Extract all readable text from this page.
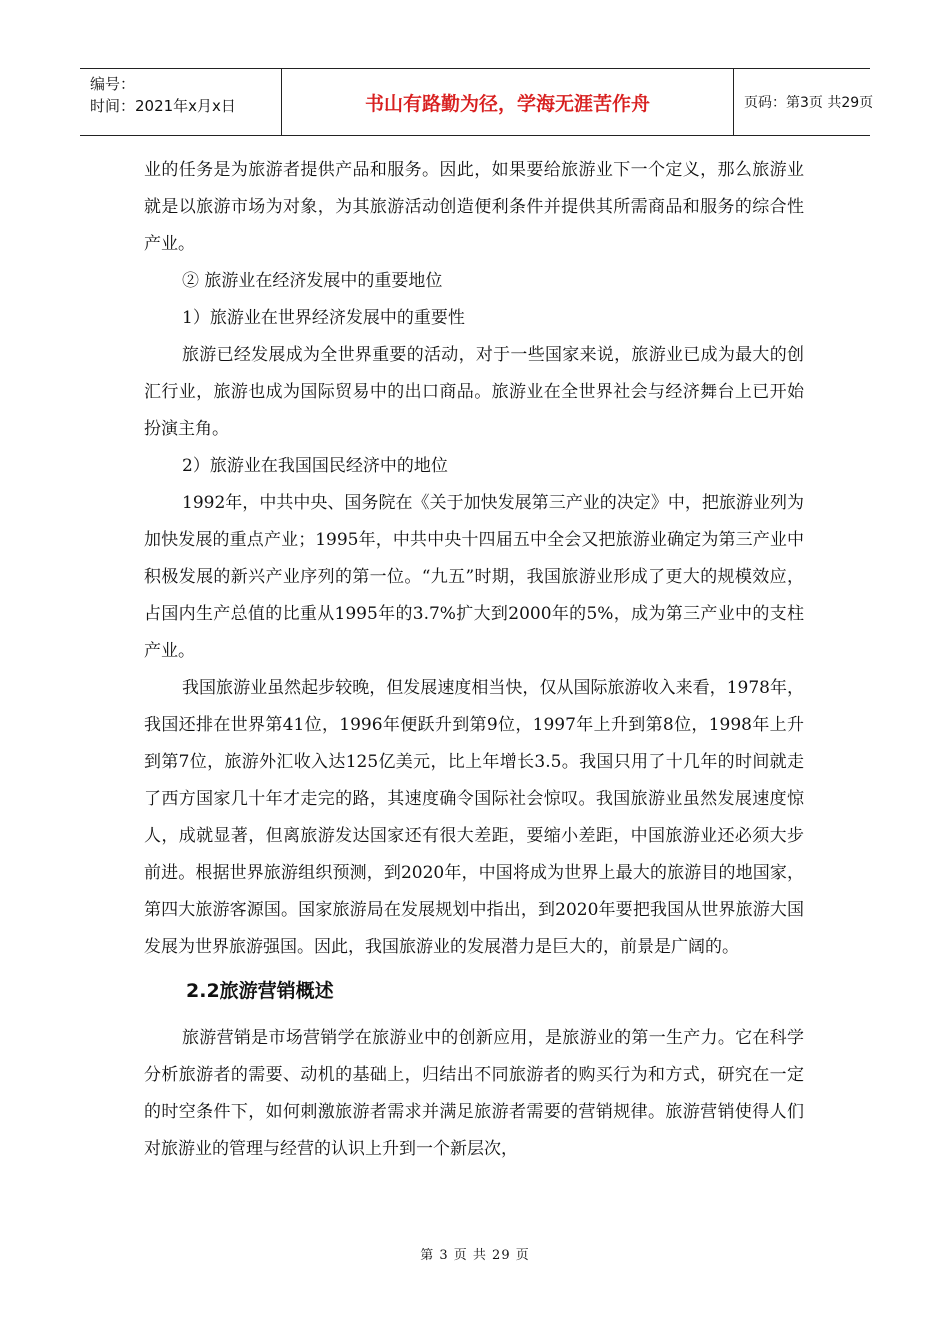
编号：
时间：2021年x月x日	书山有路勤为径，学海无涯苦作舟	页码：第3页 共29页

业的任务是为旅游者提供产品和服务。因此，如果要给旅游业下一个定义，那么旅游业就是以旅游市场为对象，为其旅游活动创造便利条件并提供其所需商品和服务的综合性产业。

② 旅游业在经济发展中的重要地位

1）旅游业在世界经济发展中的重要性

旅游已经发展成为全世界重要的活动，对于一些国家来说，旅游业已成为最大的创汇行业，旅游也成为国际贸易中的出口商品。旅游业在全世界社会与经济舞台上已开始扮演主角。

2）旅游业在我国国民经济中的地位

1992年，中共中央、国务院在《关于加快发展第三产业的决定》中，把旅游业列为加快发展的重点产业；1995年，中共中央十四届五中全会又把旅游业确定为第三产业中积极发展的新兴产业序列的第一位。“九五”时期，我国旅游业形成了更大的规模效应，占国内生产总值的比重从1995年的3.7%扩大到2000年的5%，成为第三产业中的支柱产业。

我国旅游业虽然起步较晚，但发展速度相当快，仅从国际旅游收入来看，1978年，我国还排在世界第41位，1996年便跃升到第9位，1997年上升到第8位，1998年上升到第7位，旅游外汇收入达125亿美元，比上年增长3.5。我国只用了十几年的时间就走了西方国家几十年才走完的路，其速度确令国际社会惊叹。我国旅游业虽然发展速度惊人，成就显著，但离旅游发达国家还有很大差距，要缩小差距，中国旅游业还必须大步前进。根据世界旅游组织预测，到2020年，中国将成为世界上最大的旅游目的地国家，第四大旅游客源国。国家旅游局在发展规划中指出，到2020年要把我国从世界旅游大国发展为世界旅游强国。因此，我国旅游业的发展潜力是巨大的，前景是广阔的。

2.2旅游营销概述

旅游营销是市场营销学在旅游业中的创新应用，是旅游业的第一生产力。它在科学分析旅游者的需要、动机的基础上，归结出不同旅游者的购买行为和方式，研究在一定的时空条件下，如何刺激旅游者需求并满足旅游者需要的营销规律。旅游营销使得人们对旅游业的管理与经营的认识上升到一个新层次，

第 3 页 共 29 页
